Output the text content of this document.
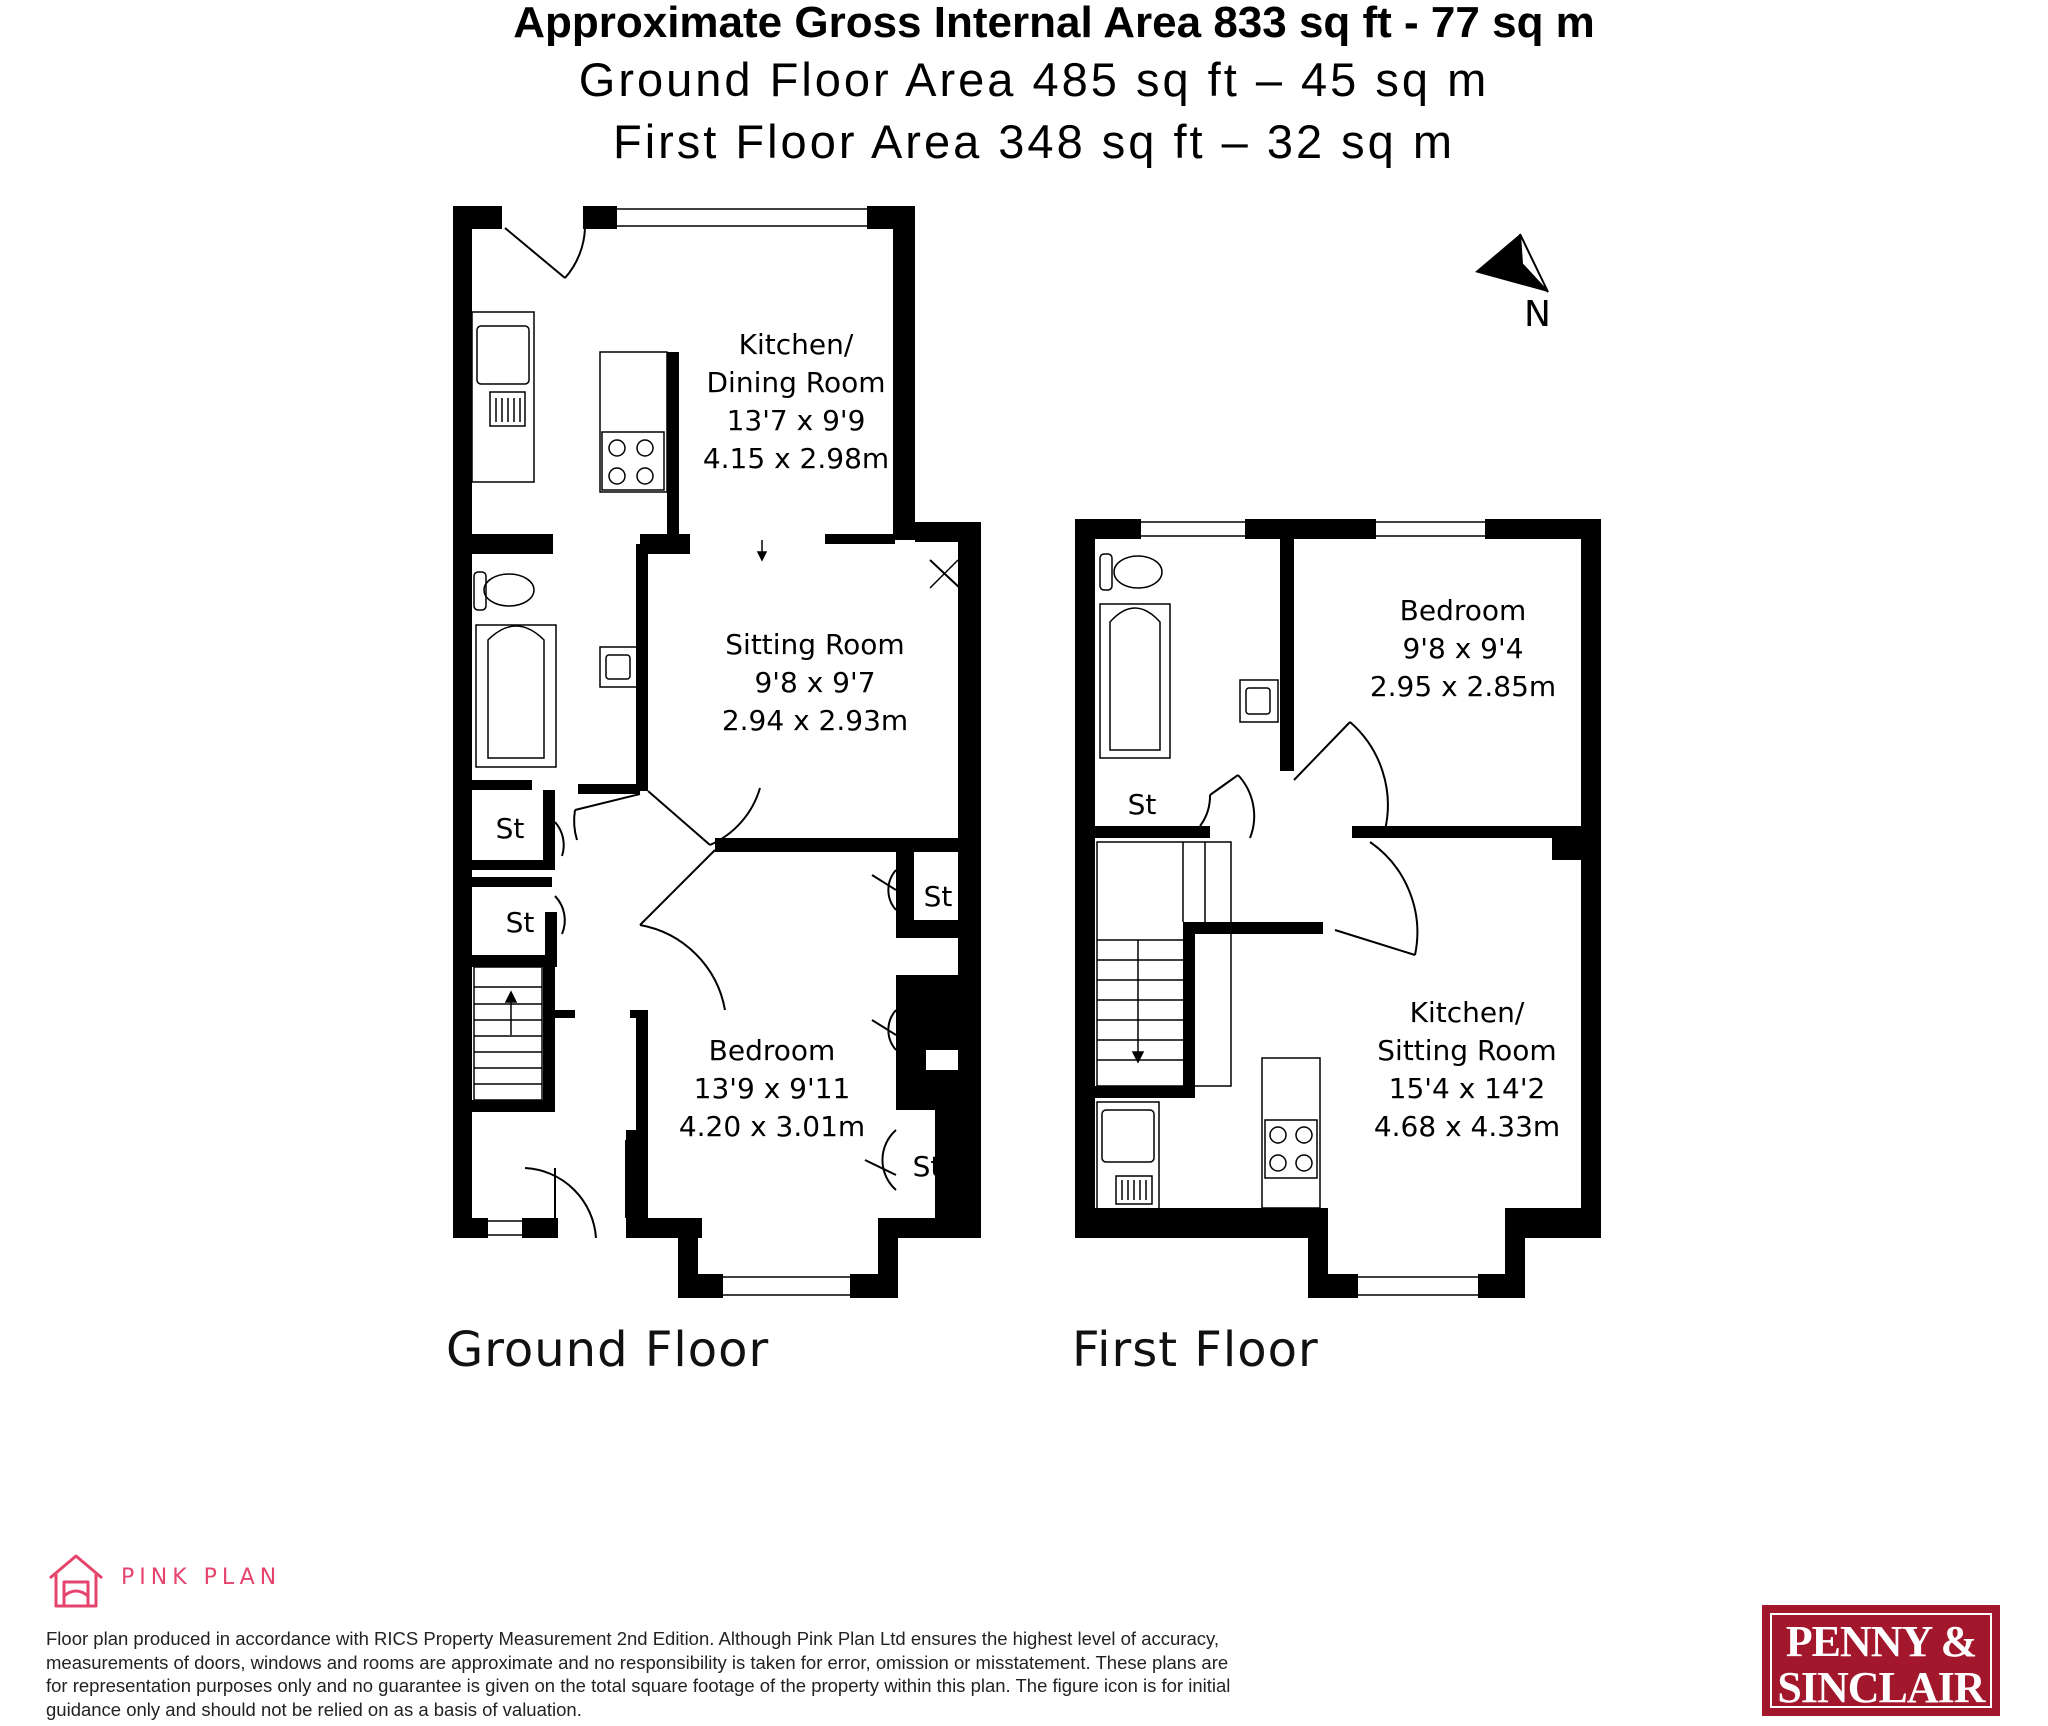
Approximate Gross Internal Area 833 sq ft - 77 sq m
Ground Floor Area 485 sq ft – 45 sq m
First Floor Area 348 sq ft – 32 sq m
Kitchen/
Dining Room
13'7 x 9'9
4.15 x 2.98m
Sitting Room
9'8 x 9'7
2.94 x 2.93m
Bedroom
13'9 x 9'11
4.20 x 3.01m
St
St
St
St
Bedroom
9'8 x 9'4
2.95 x 2.85m
Kitchen/
Sitting Room
15'4 x 14'2
4.68 x 4.33m
St
N
Ground Floor	First Floor
PINK PLAN
Floor plan produced in accordance with RICS Property Measurement 2nd Edition. Although Pink Plan Ltd ensures the highest level of accuracy, measurements of doors, windows and rooms are approximate and no responsibility is taken for error, omission or misstatement. These plans are for representation purposes only and no guarantee is given on the total square footage of the property within this plan. The figure icon is for initial guidance only and should not be relied on as a basis of valuation.
PENNY &
SINCLAIR
